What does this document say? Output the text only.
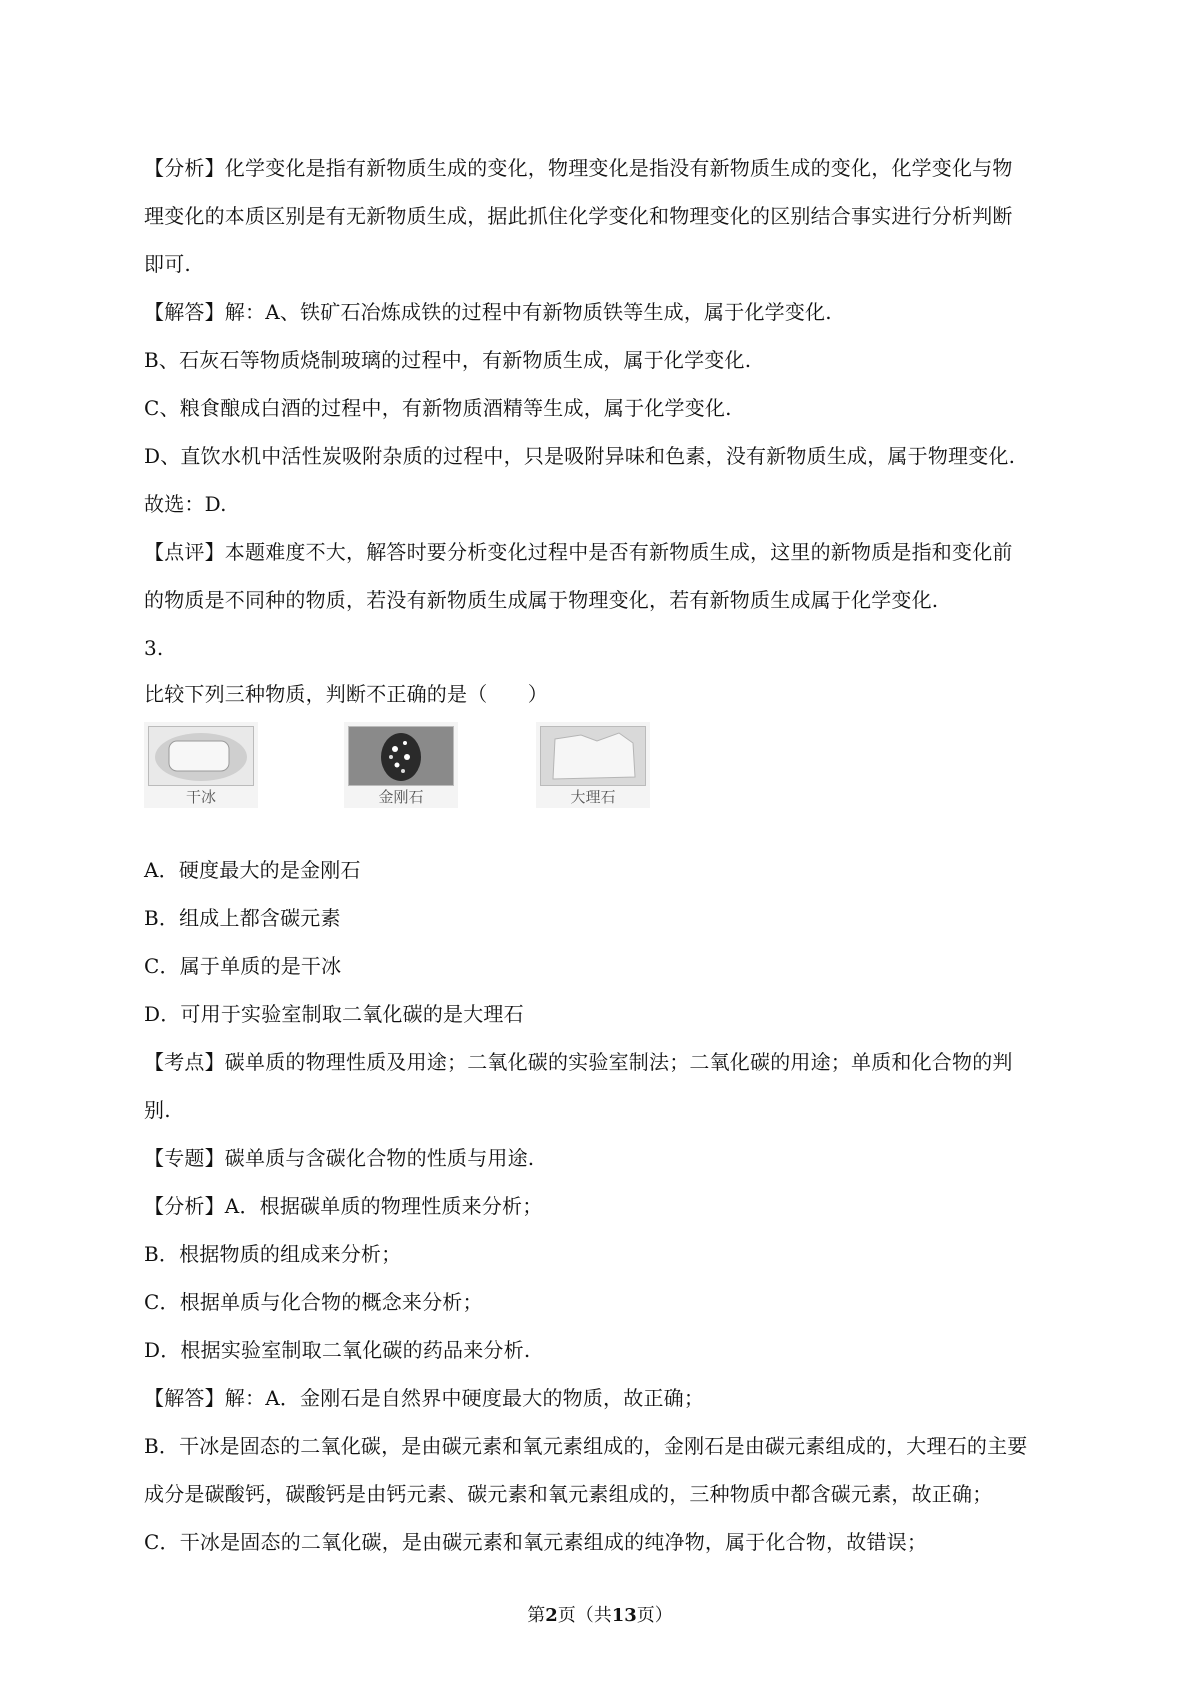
【分析】化学变化是指有新物质生成的变化，物理变化是指没有新物质生成的变化，化学变化与物
理变化的本质区别是有无新物质生成，据此抓住化学变化和物理变化的区别结合事实进行分析判断
即可.
【解答】解：A、铁矿石冶炼成铁的过程中有新物质铁等生成，属于化学变化.
B、石灰石等物质烧制玻璃的过程中，有新物质生成，属于化学变化.
C、粮食酿成白酒的过程中，有新物质酒精等生成，属于化学变化.
D、直饮水机中活性炭吸附杂质的过程中，只是吸附异味和色素，没有新物质生成，属于物理变化.
故选：D.
【点评】本题难度不大，解答时要分析变化过程中是否有新物质生成，这里的新物质是指和变化前
的物质是不同种的物质，若没有新物质生成属于物理变化，若有新物质生成属于化学变化.
3.
比较下列三种物质，判断不正确的是（　　）
干冰	金刚石	大理石
A．硬度最大的是金刚石
B．组成上都含碳元素
C．属于单质的是干冰
D．可用于实验室制取二氧化碳的是大理石
【考点】碳单质的物理性质及用途；二氧化碳的实验室制法；二氧化碳的用途；单质和化合物的判
别.
【专题】碳单质与含碳化合物的性质与用途.
【分析】A．根据碳单质的物理性质来分析；
B．根据物质的组成来分析；
C．根据单质与化合物的概念来分析；
D．根据实验室制取二氧化碳的药品来分析.
【解答】解：A．金刚石是自然界中硬度最大的物质，故正确；
B．干冰是固态的二氧化碳，是由碳元素和氧元素组成的，金刚石是由碳元素组成的，大理石的主要
成分是碳酸钙，碳酸钙是由钙元素、碳元素和氧元素组成的，三种物质中都含碳元素，故正确；
C．干冰是固态的二氧化碳，是由碳元素和氧元素组成的纯净物，属于化合物，故错误；
第2页（共13页）
